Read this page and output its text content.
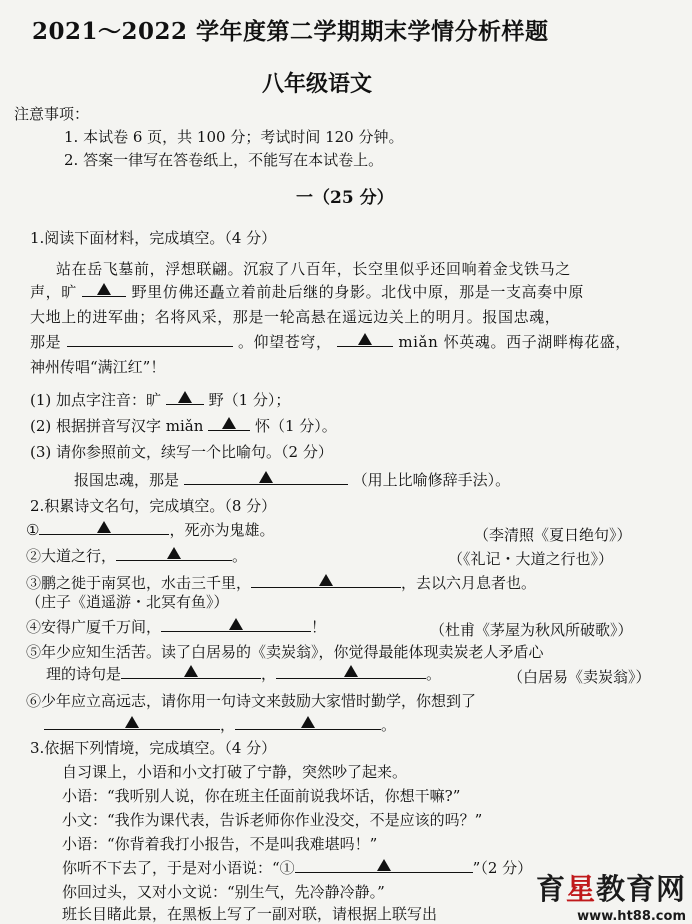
2021～2022 学年度第二学期期末学情分析样题
八年级语文
注意事项：
1. 本试卷 6 页，共 100 分；考试时间 120 分钟。
2. 答案一律写在答卷纸上，不能写在本试卷上。
一（25 分）
1.阅读下面材料，完成填空。（4 分）
站在岳飞墓前，浮想联翩。沉寂了八百年，长空里似乎还回响着金戈铁马之
声，旷	野里仿佛还矗立着前赴后继的身影。北伐中原，那是一支高奏中原
大地上的进军曲；名将风采，那是一轮高悬在遥远边关上的明月。报国忠魂，
那是	。仰望苍穹，	miǎn 怀英魂。西子湖畔梅花盛，
神州传唱“满江红”！
(1) 加点字注音：旷	野（1 分）；
(2) 根据拼音写汉字 miǎn	怀（1 分）。
(3) 请你参照前文，续写一个比喻句。（2 分）
报国忠魂，那是	（用上比喻修辞手法）。
2.积累诗文名句，完成填空。（8 分）
①	，死亦为鬼雄。	（李清照《夏日绝句》）
②大道之行，	。	（《礼记・大道之行也》）
③鹏之徙于南冥也，水击三千里，	，去以六月息者也。
（庄子《逍遥游・北冥有鱼》）
④安得广厦千万间，	！	（杜甫《茅屋为秋风所破歌》）
⑤年少应知生活苦。读了白居易的《卖炭翁》，你觉得最能体现卖炭老人矛盾心
理的诗句是	，	。	（白居易《卖炭翁》）
⑥少年应立高远志，请你用一句诗文来鼓励大家惜时勤学，你想到了
，	。
3.依据下列情境，完成填空。（4 分）
自习课上，小语和小文打破了宁静，突然吵了起来。
小语：“我听别人说，你在班主任面前说我坏话，你想干嘛?”
小文：“我作为课代表，告诉老师你作业没交，不是应该的吗？”
小语：“你背着我打小报告，不是叫我难堪吗！”
你听不下去了，于是对小语说：“①	”（2 分）
你回过头，又对小文说：“别生气，先冷静冷静。”
班长目睹此景，在黑板上写了一副对联，请根据上联写出
育星教育网
www.ht88.com
